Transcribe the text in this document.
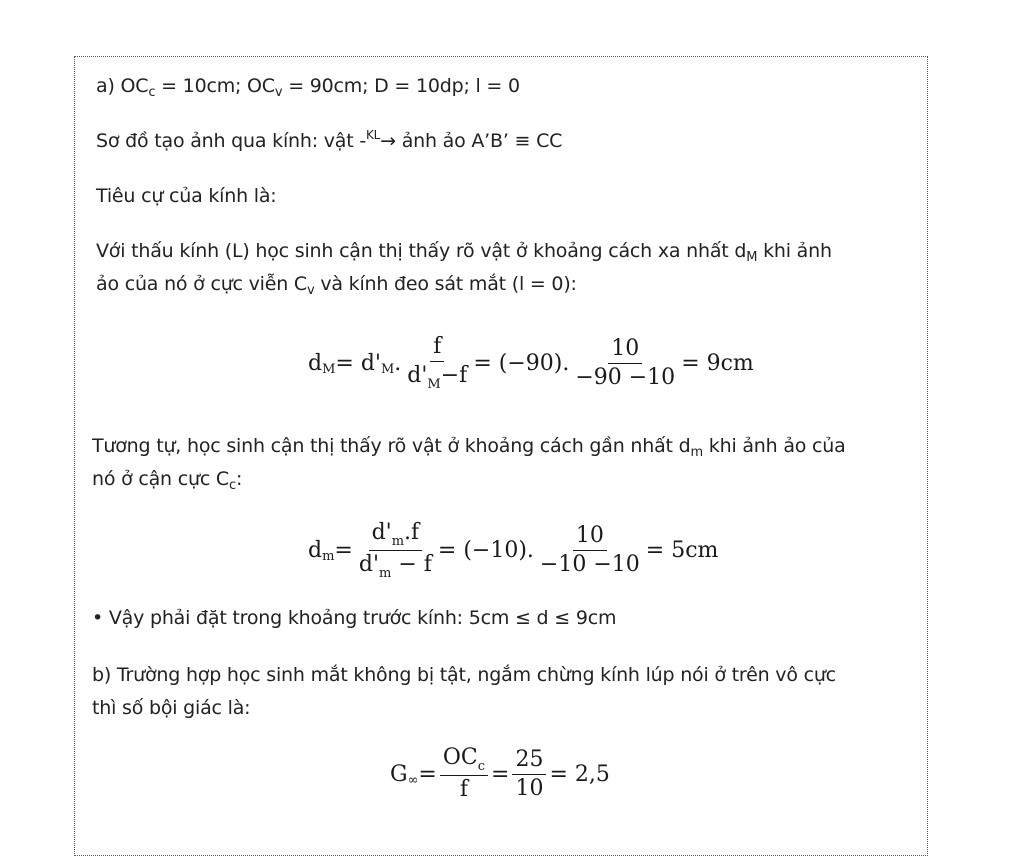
a) $OC_c = 10cm$; $OC_v = 90cm$; D = 10dp; l = 0
Sơ đồ tạo ảnh qua kính: vật -$^{KL}$→ ảnh ảo A’B’ ≡ CC
Tiêu cự của kính là:
Với thấu kính (L) học sinh cận thị thấy rõ vật ở khoảng cách xa nhất $d_M$ khi ảnh
ảo của nó ở cực viễn $C_v$ và kính đeo sát mắt (l = 0):
d M = d' M . $\frac{f}{d'_M-f} = (-90)$. $\frac{10}{-90 -10} = 9cm$
Tương tự, học sinh cận thị thấy rõ vật ở khoảng cách gần nhất $d_m$ khi ảnh ảo của
nó ở cận cực $C_c$:
d $m = \frac{d'_m.f}{d'_m - f} = (-10)$. $\frac{10}{-10 -10} = 5cm$
• Vậy phải đặt trong khoảng trước kính: 5cm ≤ d ≤ 9cm
b) Trường hợp học sinh mắt không bị tật, ngắm chừng kính lúp nói ở trên vô cực
thì số bội giác là:
G ∞ = $\frac{OC_c}{f} = \frac{25}{10} = 2,5$
